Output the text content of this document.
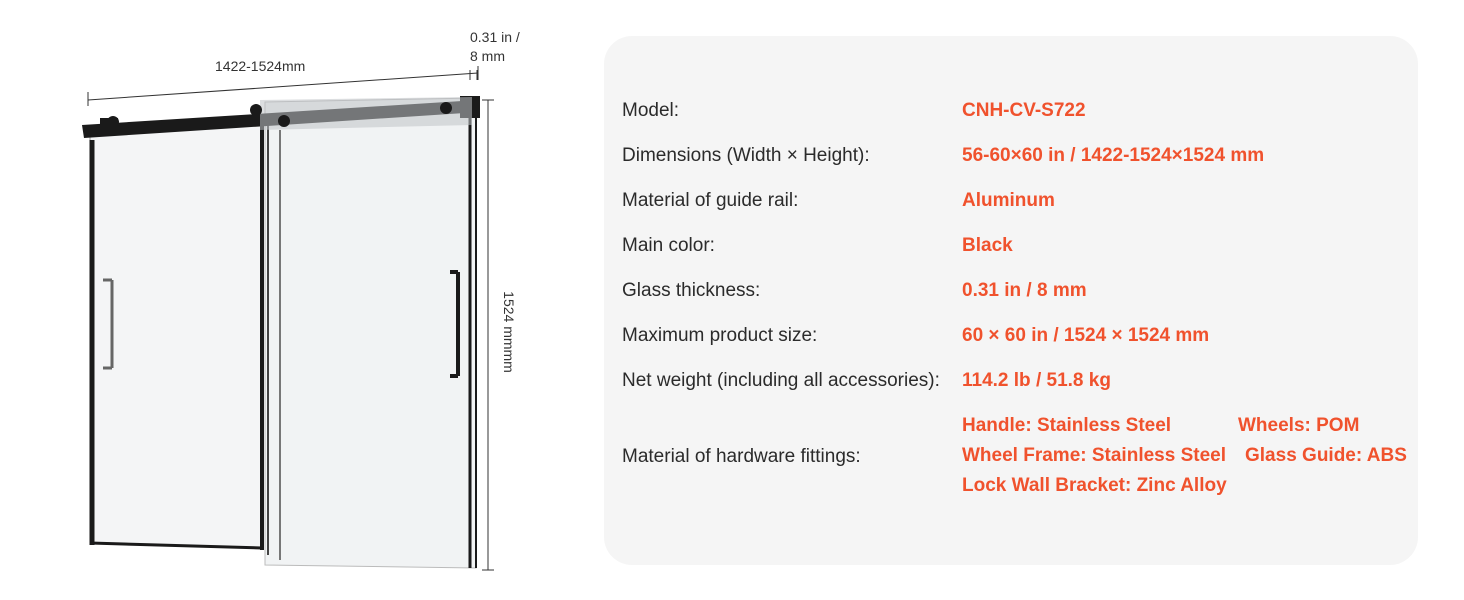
1422-1524mm
0.31 in /
8 mm
1524 mmmm
Model:	CNH-CV-S722
Dimensions (Width × Height):	56-60×60 in / 1422-1524×1524 mm
Material of guide rail:	Aluminum
Main color:	Black
Glass thickness:	0.31 in / 8 mm
Maximum product size:	60 × 60 in / 1524 × 1524 mm
Net weight (including all accessories): 114.2 lb / 51.8 kg
Material of hardware fittings:
Handle: Stainless Steel	Wheels: POM
Wheel Frame: Stainless Steel Glass Guide: ABS
Lock Wall Bracket: Zinc Alloy
